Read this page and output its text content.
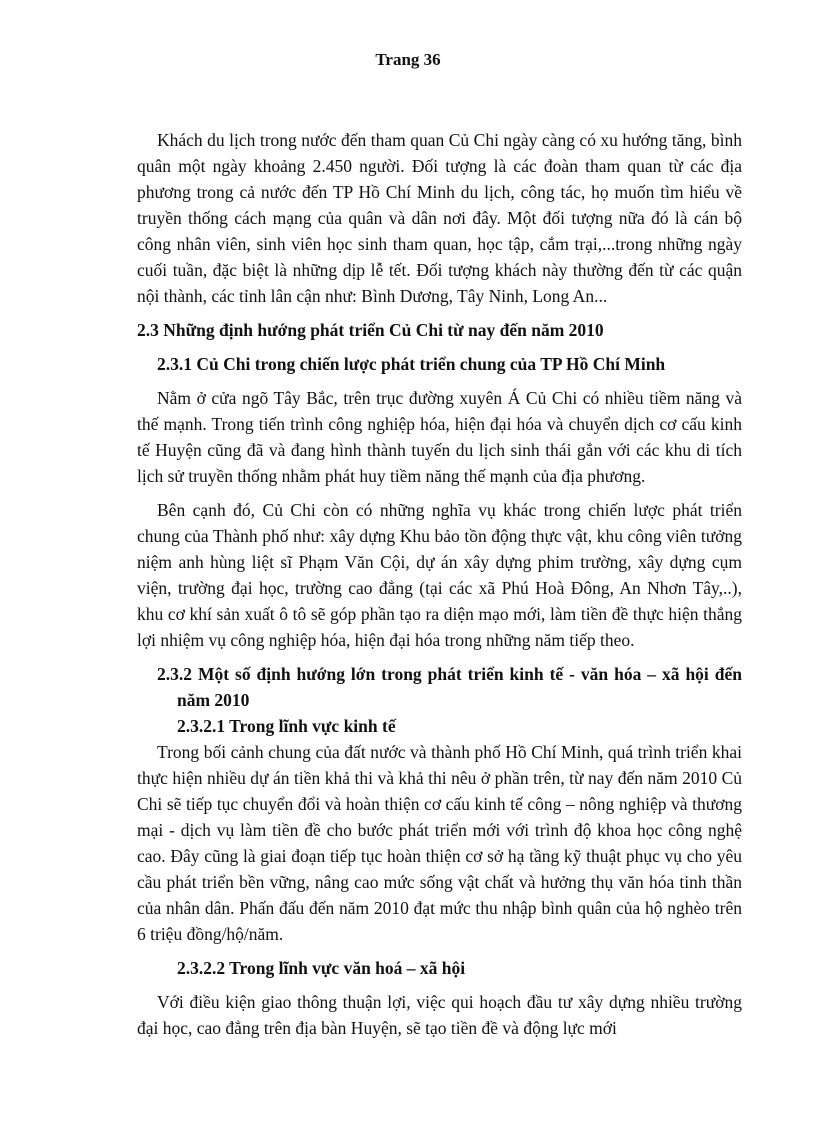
Trang 36

Khách du lịch trong nước đến tham quan Củ Chi ngày càng có xu hướng tăng, bình quân một ngày khoảng 2.450 người. Đối tượng là các đoàn tham quan từ các địa phương trong cả nước đến TP Hồ Chí Minh du lịch, công tác, họ muốn tìm hiểu về truyền thống cách mạng của quân và dân nơi đây. Một đối tượng nữa đó là cán bộ công nhân viên, sinh viên học sinh tham quan, học tập, cắm trại,...trong những ngày cuối tuần, đặc biệt là những dịp lễ tết. Đối tượng khách này thường đến từ các quận nội thành, các tỉnh lân cận như: Bình Dương, Tây Ninh, Long An...

2.3 Những định hướng phát triển Củ Chi từ nay đến năm 2010

2.3.1 Củ Chi trong chiến lược phát triển chung của TP Hồ Chí Minh

Nằm ở cửa ngõ Tây Bắc, trên trục đường xuyên Á Củ Chi có nhiều tiềm năng và thế mạnh. Trong tiến trình công nghiệp hóa, hiện đại hóa và chuyển dịch cơ cấu kinh tế Huyện cũng đã và đang hình thành tuyến du lịch sinh thái gắn với các khu di tích lịch sử truyền thống nhằm phát huy tiềm năng thế mạnh của địa phương.

Bên cạnh đó, Củ Chi còn có những nghĩa vụ khác trong chiến lược phát triển chung của Thành phố như: xây dựng Khu bảo tồn động thực vật, khu công viên tưởng niệm anh hùng liệt sĩ Phạm Văn Cội, dự án xây dựng phim trường, xây dựng cụm viện, trường đại học, trường cao đẳng (tại các xã Phú Hoà Đông, An Nhơn Tây,..), khu cơ khí sản xuất ô tô sẽ góp phần tạo ra diện mạo mới, làm tiền đề thực hiện thắng lợi nhiệm vụ công nghiệp hóa, hiện đại hóa trong những năm tiếp theo.

2.3.2 Một số định hướng lớn trong phát triển kinh tế - văn hóa – xã hội đến năm 2010

2.3.2.1 Trong lĩnh vực kinh tế

Trong bối cảnh chung của đất nước và thành phố Hồ Chí Minh, quá trình triển khai thực hiện nhiều dự án tiền khả thi và khả thi nêu ở phần trên, từ nay đến năm 2010 Củ Chi sẽ tiếp tục chuyển đổi và hoàn thiện cơ cấu kinh tế công – nông nghiệp và thương mại - dịch vụ làm tiền đề cho bước phát triển mới với trình độ khoa học công nghệ cao. Đây cũng là giai đoạn tiếp tục hoàn thiện cơ sở hạ tầng kỹ thuật phục vụ cho yêu cầu phát triển bền vững, nâng cao mức sống vật chất và hưởng thụ văn hóa tinh thần của nhân dân. Phấn đấu đến năm 2010 đạt mức thu nhập bình quân của hộ nghèo trên 6 triệu đồng/hộ/năm.

2.3.2.2 Trong lĩnh vực văn hoá – xã hội

Với điều kiện giao thông thuận lợi, việc qui hoạch đầu tư xây dựng nhiều trường đại học, cao đẳng trên địa bàn Huyện, sẽ tạo tiền đề và động lực mới
